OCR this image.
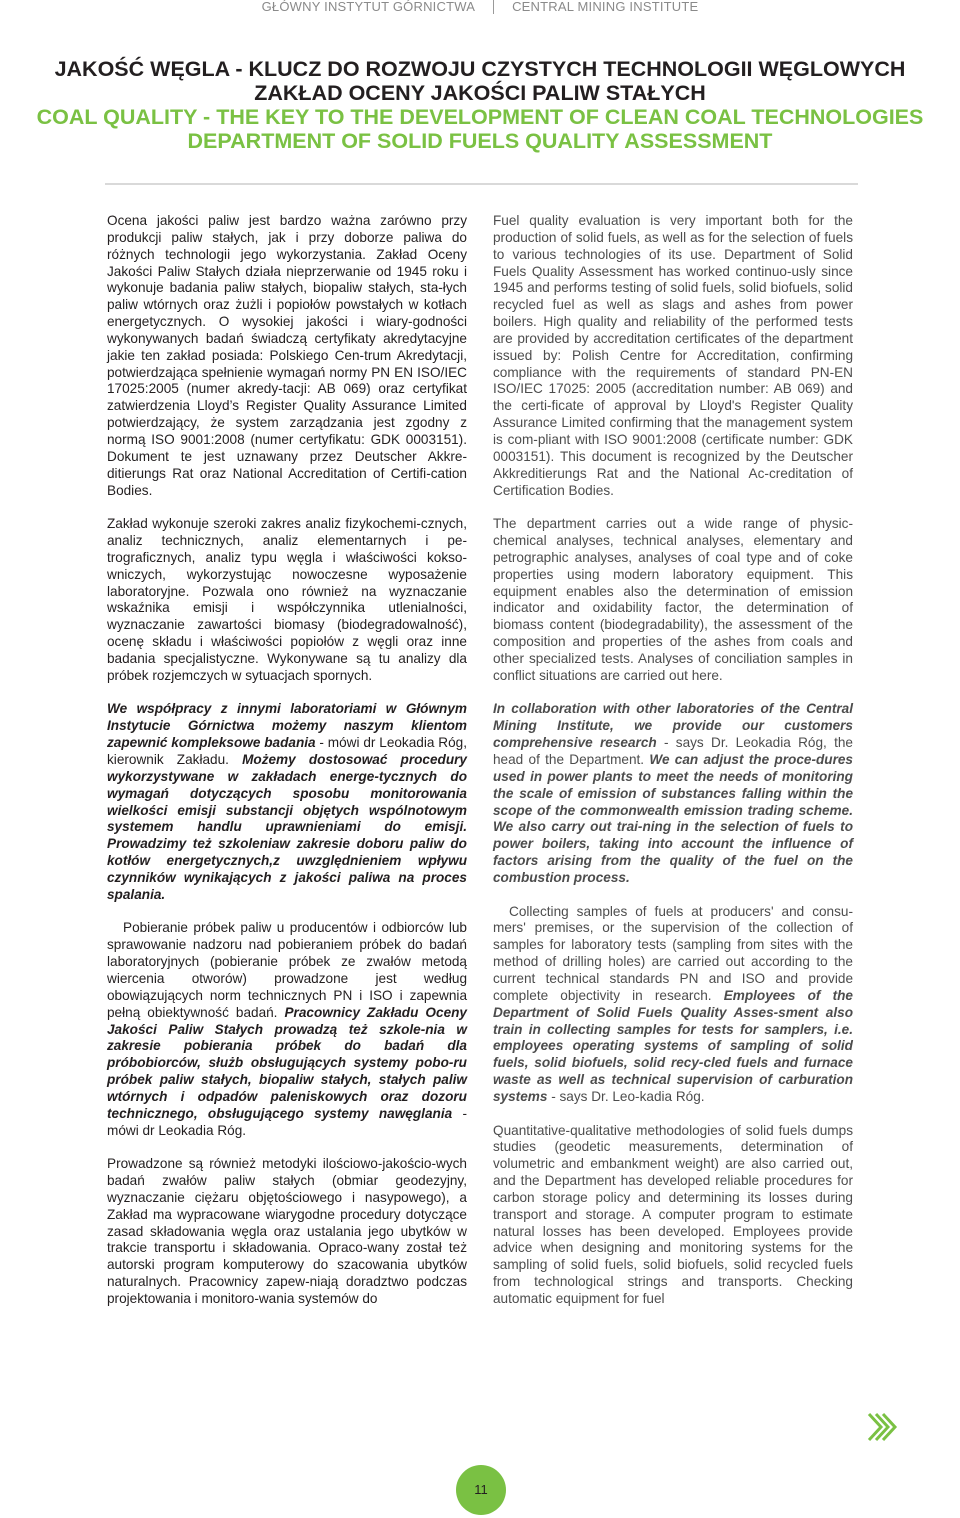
GŁÓWNY INSTYTUT GÓRNICTWA	CENTRAL MINING INSTITUTE
JAKOŚĆ WĘGLA - KLUCZ DO ROZWOJU CZYSTYCH TECHNOLOGII WĘGLOWYCH
ZAKŁAD OCENY JAKOŚCI PALIW STAŁYCH
COAL QUALITY - THE KEY TO THE DEVELOPMENT OF CLEAN COAL TECHNOLOGIES
DEPARTMENT OF SOLID FUELS QUALITY ASSESSMENT

Ocena jakości paliw jest bardzo ważna zarówno przy produkcji paliw stałych, jak i przy doborze paliwa do różnych technologii jego wykorzystania. Zakład Oceny Jakości Paliw Stałych działa nieprzerwanie od 1945 roku i wykonuje badania paliw stałych, biopaliw stałych, sta-łych paliw wtórnych oraz żużli i popiołów powstałych w kotłach energetycznych. O wysokiej jakości i wiary-godności wykonywanych badań świadczą certyfikaty akredytacyjne jakie ten zakład posiada: Polskiego Cen-trum Akredytacji, potwierdzająca spełnienie wymagań normy PN EN ISO/IEC 17025:2005 (numer akredy-tacji: AB 069) oraz certyfikat zatwierdzenia Lloyd’s Register Quality Assurance Limited potwierdzający, że system zarządzania jest zgodny z normą ISO 9001:2008 (numer certyfikatu: GDK 0003151). Dokument te jest uznawany przez Deutscher Akkre-ditierungs Rat oraz National Accreditation of Certifi-cation Bodies.

Zakład wykonuje szeroki zakres analiz fizykochemi-cznych, analiz technicznych, analiz elementarnych i pe-trograficznych, analiz typu węgla i właściwości kokso-wniczych, wykorzystując nowoczesne wyposażenie laboratoryjne. Pozwala ono również na wyznaczanie wskaźnika emisji i współczynnika utlenialności, wyznaczanie zawartości biomasy (biodegradowalność), ocenę składu i właściwości popiołów z węgli oraz inne badania specjalistyczne. Wykonywane są tu analizy dla próbek rozjemczych w sytuacjach spornych.

We współpracy z innymi laboratoriami w Głównym Instytucie Górnictwa możemy naszym klientom zapewnić kompleksowe badania - mówi dr Leokadia Róg, kierownik Zakładu. Możemy dostosować procedury wykorzystywane w zakładach energe-tycznych do wymagań dotyczących sposobu monitorowania wielkości emisji substancji objętych wspólnotowym systemem handlu uprawnieniami do emisji. Prowadzimy też szkoleniaw zakresie doboru paliw do kotłów energetycznych,z uwzględnieniem wpływu czynników wynikających z jakości paliwa na proces spalania.

Pobieranie próbek paliw u producentów i odbiorców lub sprawowanie nadzoru nad pobieraniem próbek do badań laboratoryjnych (pobieranie próbek ze zwałów metodą wiercenia otworów) prowadzone jest według obowiązujących norm technicznych PN i ISO i zapewnia pełną obiektywność badań. Pracownicy Zakładu Oceny Jakości Paliw Stałych prowadzą też szkole-nia w zakresie pobierania próbek do badań dla próbobiorców, służb obsługujących systemy pobo-ru próbek paliw stałych, biopaliw stałych, stałych paliw wtórnych i odpadów paleniskowych oraz dozoru technicznego, obsługującego systemy nawęglania - mówi dr Leokadia Róg.

Prowadzone są również metodyki ilościowo-jakościo-wych badań zwałów paliw stałych (obmiar geodezyjny, wyznaczanie ciężaru objętościowego i nasypowego), a Zakład ma wypracowane wiarygodne procedury dotyczące zasad składowania węgla oraz ustalania jego ubytków w trakcie transportu i składowania. Opraco-wany został też autorski program komputerowy do szacowania ubytków naturalnych. Pracownicy zapew-niają doradztwo podczas projektowania i monitoro-wania systemów do

Fuel quality evaluation is very important both for the production of solid fuels, as well as for the selection of fuels to various technologies of its use. Department of Solid Fuels Quality Assessment has worked continuo-usly since 1945 and performs testing of solid fuels, solid biofuels, solid recycled fuel as well as slags and ashes from power boilers. High quality and reliability of the performed tests are provided by accreditation certificates of the department issued by: Polish Centre for Accreditation, confirming compliance with the requirements of standard PN-EN ISO/IEC 17025: 2005 (accreditation number: AB 069) and the certi-ficate of approval by Lloyd's Register Quality Assurance Limited confirming that the management system is com-pliant with ISO 9001:2008 (certificate number: GDK 0003151). This document is recognized by the Deutscher Akkreditierungs Rat and the National Ac-creditation of Certification Bodies.

The department carries out a wide range of physic-chemical analyses, technical analyses, elementary and petrographic analyses, analyses of coal type and of coke properties using modern laboratory equipment. This equipment enables also the determination of emission indicator and oxidability factor, the determination of biomass content (biodegradability), the assessment of the composition and properties of the ashes from coals and other specialized tests. Analyses of conciliation samples in conflict situations are carried out here.

In collaboration with other laboratories of the Central Mining Institute, we provide our customers comprehensive research - says Dr. Leokadia Róg, the head of the Department. We can adjust the proce-dures used in power plants to meet the needs of monitoring the scale of emission of substances falling within the scope of the commonwealth emission trading scheme. We also carry out trai-ning in the selection of fuels to power boilers, taking into account the influence of factors arising from the quality of the fuel on the combustion process.

Collecting samples of fuels at producers' and consu-mers' premises, or the supervision of the collection of samples for laboratory tests (sampling from sites with the method of drilling holes) are carried out according to the current technical standards PN and ISO and provide complete objectivity in research. Employees of the Department of Solid Fuels Quality Asses-sment also train in collecting samples for tests for samplers, i.e. employees operating systems of sampling of solid fuels, solid biofuels, solid recy-cled fuels and furnace waste as well as technical supervision of carburation systems - says Dr. Leo-kadia Róg.

Quantitative-qualitative methodologies of solid fuels dumps studies (geodetic measurements, determination of volumetric and embankment weight) are also carried out, and the Department has developed reliable procedures for carbon storage policy and determining its losses during transport and storage. A computer program to estimate natural losses has been developed. Employees provide advice when designing and monitoring systems for the sampling of solid fuels, solid biofuels, solid recycled fuels from technological strings and transports. Checking automatic equipment for fuel

11
